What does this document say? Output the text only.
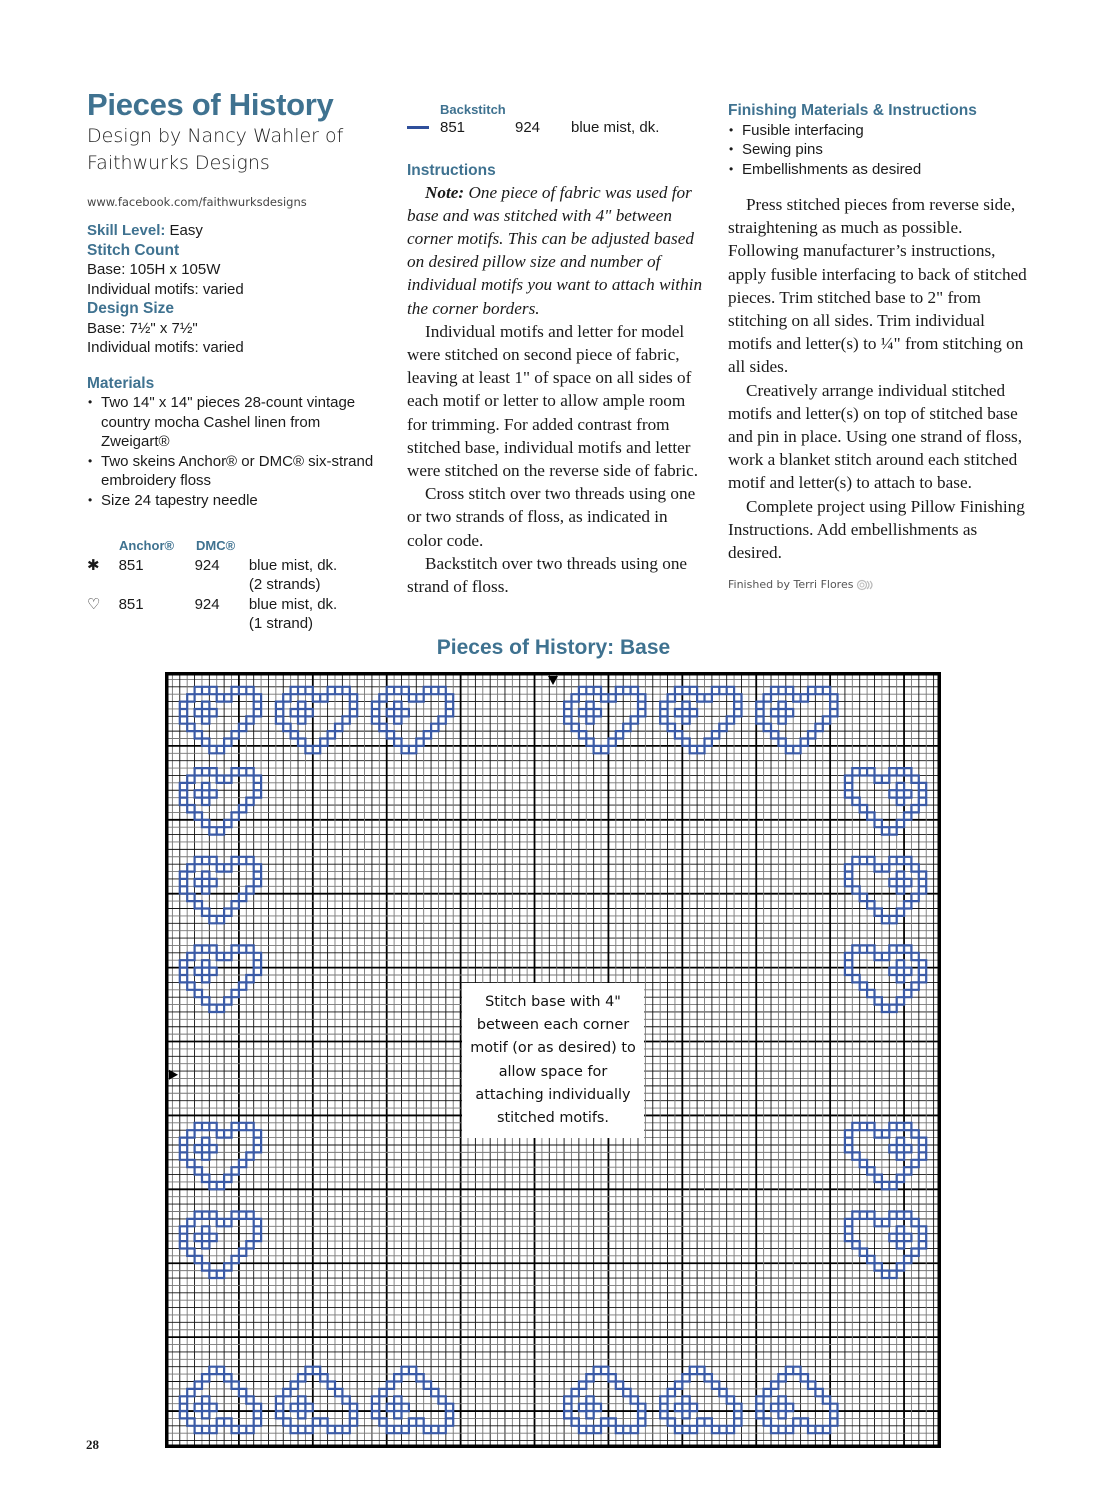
Pieces of History
Design by Nancy Wahler of
Faithwurks Designs
www.facebook.com/faithwurksdesigns
Skill Level: Easy
Stitch Count
Base: 105H x 105W
Individual motifs: varied
Design Size
Base: 7½" x 7½"
Individual motifs: varied
Materials
• Two 14" x 14" pieces 28-count vintage country mocha Cashel linen from Zweigart®
• Two skeins Anchor® or DMC® six-strand embroidery floss
• Size 24 tapestry needle
Anchor®	DMC®
✱	851	924	blue mist, dk.
(2 strands)
♡	851	924	blue mist, dk.
(1 strand)
Backstitch
851	924	blue mist, dk.
Instructions

Note: One piece of fabric was used for base and was stitched with 4" between corner motifs. This can be adjusted based on desired pillow size and number of individual motifs you want to attach within the corner borders.

Individual motifs and letter for model were stitched on second piece of fabric, leaving at least 1" of space on all sides of each motif or letter to allow ample room for trimming. For added contrast from stitched base, individual motifs and letter were stitched on the reverse side of fabric.

Cross stitch over two threads using one or two strands of floss, as indicated in color code.

Backstitch over two threads using one strand of floss.

Finishing Materials & Instructions
• Fusible interfacing
• Sewing pins
• Embellishments as desired

Press stitched pieces from reverse side, straightening as much as possible. Following manufacturer’s instructions, apply fusible interfacing to back of stitched pieces. Trim stitched base to 2" from stitching on all sides. Trim individual motifs and letter(s) to ¼" from stitching on all sides.

Creatively arrange individual stitched motifs and letter(s) on top of stitched base and pin in place. Using one strand of floss, work a blanket stitch around each stitched motif and letter(s) to attach to base.

Complete project using Pillow Finishing Instructions. Add embellishments as desired.

Finished by Terri Flores
Pieces of History: Base
Stitch base with 4" between each corner motif (or as desired) to allow space for attaching individually stitched motifs.
28
